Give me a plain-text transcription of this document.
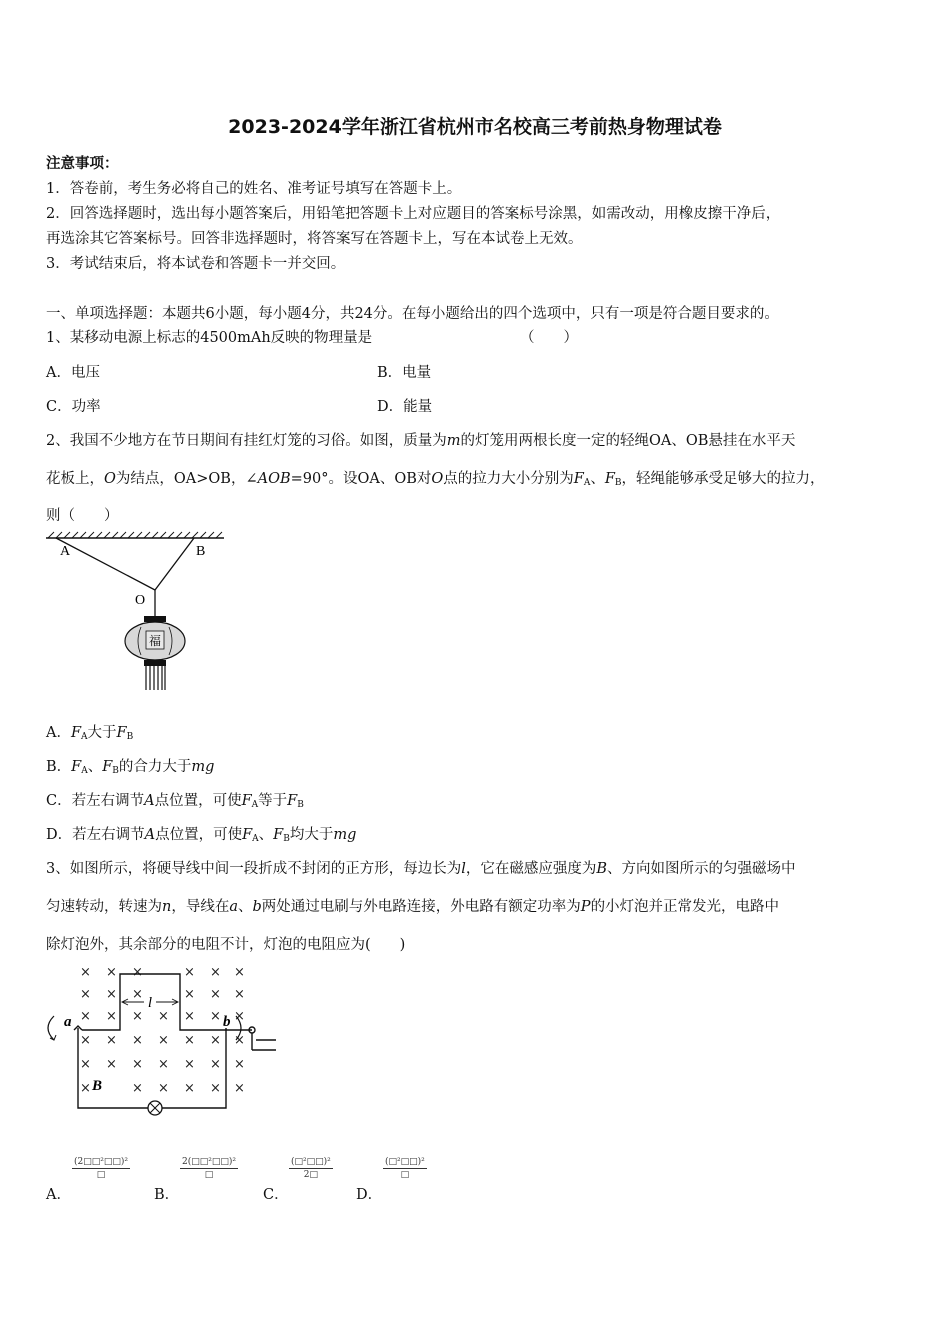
2023-2024学年浙江省杭州市名校高三考前热身物理试卷
注意事项：
1．答卷前，考生务必将自己的姓名、准考证号填写在答题卡上。
2．回答选择题时，选出每小题答案后，用铅笔把答题卡上对应题目的答案标号涂黑，如需改动，用橡皮擦干净后，
再选涂其它答案标号。回答非选择题时，将答案写在答题卡上，写在本试卷上无效。
3．考试结束后，将本试卷和答题卡一并交回。
一、单项选择题：本题共6小题，每小题4分，共24分。在每小题给出的四个选项中，只有一项是符合题目要求的。
1、某移动电源上标志的4500mAh反映的物理量是	（　　）
A．电压	B．电量
C．功率	D．能量
2、我国不少地方在节日期间有挂红灯笼的习俗。如图，质量为m的灯笼用两根长度一定的轻绳OA、OB悬挂在水平天
花板上，O为结点，OA>OB，∠AOB=90°。设OA、OB对O点的拉力大小分别为$F_A$、$F_B$，轻绳能够承受足够大的拉力，
则（　　）
A	B
O
福
A．$F_A$大于$F_B$
B．$F_A$、$F_B$的合力大于mg
C．若左右调节A点位置，可使$F_A$等于$F_B$
D．若左右调节A点位置，可使$F_A$、$F_B$均大于mg
3、如图所示，将硬导线中间一段折成不封闭的正方形，每边长为l，它在磁感应强度为B、方向如图所示的匀强磁场中
匀速转动，转速为n，导线在a、b两处通过电刷与外电路连接，外电路有额定功率为P的小灯泡并正常发光，电路中
除灯泡外，其余部分的电阻不计，灯泡的电阻应为(　　)
× × ×	× × ×
× × ×	× × ×
× × × × × × ×
× × × × × × ×
× × × × × × ×
×	× × × × ×
l
a	b
B
A．
(2□□²□□)²
□
B．
2(□□²□□)²
□
C．
(□²□□)²
2□
D．
(□²□□)²
□
